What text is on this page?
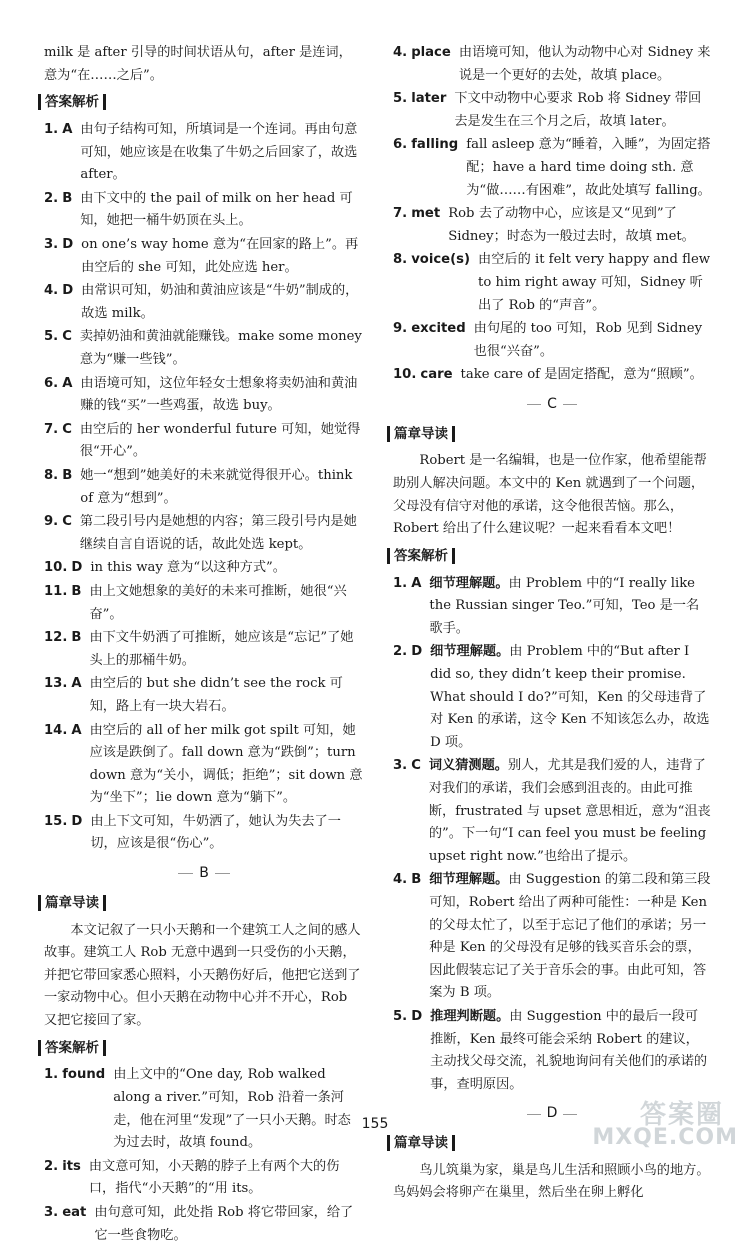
milk 是 after 引导的时间状语从句，after 是连词，意为“在……之后”。

答案解析
1. A 由句子结构可知，所填词是一个连词。再由句意可知，她应该是在收集了牛奶之后回家了，故选 after。
2. B 由下文中的 the pail of milk on her head 可知，她把一桶牛奶顶在头上。
3. D on one’s way home 意为“在回家的路上”。再由空后的 she 可知，此处应选 her。
4. D 由常识可知，奶油和黄油应该是“牛奶”制成的，故选 milk。
5. C 卖掉奶油和黄油就能赚钱。make some money 意为“赚一些钱”。
6. A 由语境可知，这位年轻女士想象将卖奶油和黄油赚的钱“买”一些鸡蛋，故选 buy。
7. C 由空后的 her wonderful future 可知，她觉得很“开心”。
8. B 她一“想到”她美好的未来就觉得很开心。think of 意为“想到”。
9. C 第二段引号内是她想的内容；第三段引号内是她继续自言自语说的话，故此处选 kept。
10. D in this way 意为“以这种方式”。
11. B 由上文她想象的美好的未来可推断，她很“兴奋”。
12. B 由下文牛奶洒了可推断，她应该是“忘记”了她头上的那桶牛奶。
13. A 由空后的 but she didn’t see the rock 可知，路上有一块大岩石。
14. A 由空后的 all of her milk got spilt 可知，她应该是跌倒了。fall down 意为“跌倒”；turn down 意为“关小，调低；拒绝”；sit down 意为“坐下”；lie down 意为“躺下”。
15. D 由上下文可知，牛奶洒了，她认为失去了一切，应该是很“伤心”。
B
篇章导读

本文记叙了一只小天鹅和一个建筑工人之间的感人故事。建筑工人 Rob 无意中遇到一只受伤的小天鹅，并把它带回家悉心照料，小天鹅伤好后，他把它送到了一家动物中心。但小天鹅在动物中心并不开心，Rob 又把它接回了家。

答案解析
1. found 由上文中的“One day, Rob walked along a river.”可知，Rob 沿着一条河走，他在河里“发现”了一只小天鹅。时态为过去时，故填 found。
2. its 由文意可知，小天鹅的脖子上有两个大的伤口，指代“小天鹅”的“用 its。
3. eat 由句意可知，此处指 Rob 将它带回家，给了它一些食物吃。
4. place 由语境可知，他认为动物中心对 Sidney 来说是一个更好的去处，故填 place。
5. later 下文中动物中心要求 Rob 将 Sidney 带回去是发生在三个月之后，故填 later。
6. falling fall asleep 意为“睡着，入睡”，为固定搭配；have a hard time doing sth. 意为“做……有困难”，故此处填写 falling。
7. met Rob 去了动物中心，应该是又“见到”了 Sidney；时态为一般过去时，故填 met。
8. voice(s) 由空后的 it felt very happy and flew to him right away 可知，Sidney 听出了 Rob 的“声音”。
9. excited 由句尾的 too 可知，Rob 见到 Sidney 也很“兴奋”。
10. care take care of 是固定搭配，意为“照顾”。
C
篇章导读

Robert 是一名编辑，也是一位作家，他希望能帮助别人解决问题。本文中的 Ken 就遇到了一个问题，父母没有信守对他的承诺，这令他很苦恼。那么，Robert 给出了什么建议呢？一起来看看本文吧！

答案解析
1. A 细节理解题。由 Problem 中的“I really like the Russian singer Teo.”可知，Teo 是一名歌手。
2. D 细节理解题。由 Problem 中的“But after I did so, they didn’t keep their promise. What should I do?”可知，Ken 的父母违背了对 Ken 的承诺，这令 Ken 不知该怎么办，故选 D 项。
3. C 词义猜测题。别人，尤其是我们爱的人，违背了对我们的承诺，我们会感到沮丧的。由此可推断，frustrated 与 upset 意思相近，意为“沮丧的”。下一句“I can feel you must be feeling upset right now.”也给出了提示。
4. B 细节理解题。由 Suggestion 的第二段和第三段可知，Robert 给出了两种可能性：一种是 Ken 的父母太忙了，以至于忘记了他们的承诺；另一种是 Ken 的父母没有足够的钱买音乐会的票，因此假装忘记了关于音乐会的事。由此可知，答案为 B 项。
5. D 推理判断题。由 Suggestion 中的最后一段可推断，Ken 最终可能会采纳 Robert 的建议，主动找父母交流，礼貌地询问有关他们的承诺的事，查明原因。
D
篇章导读

鸟儿筑巢为家，巢是鸟儿生活和照顾小鸟的地方。鸟妈妈会将卵产在巢里，然后坐在卵上孵化

155	答案圈
MXQE.COM
